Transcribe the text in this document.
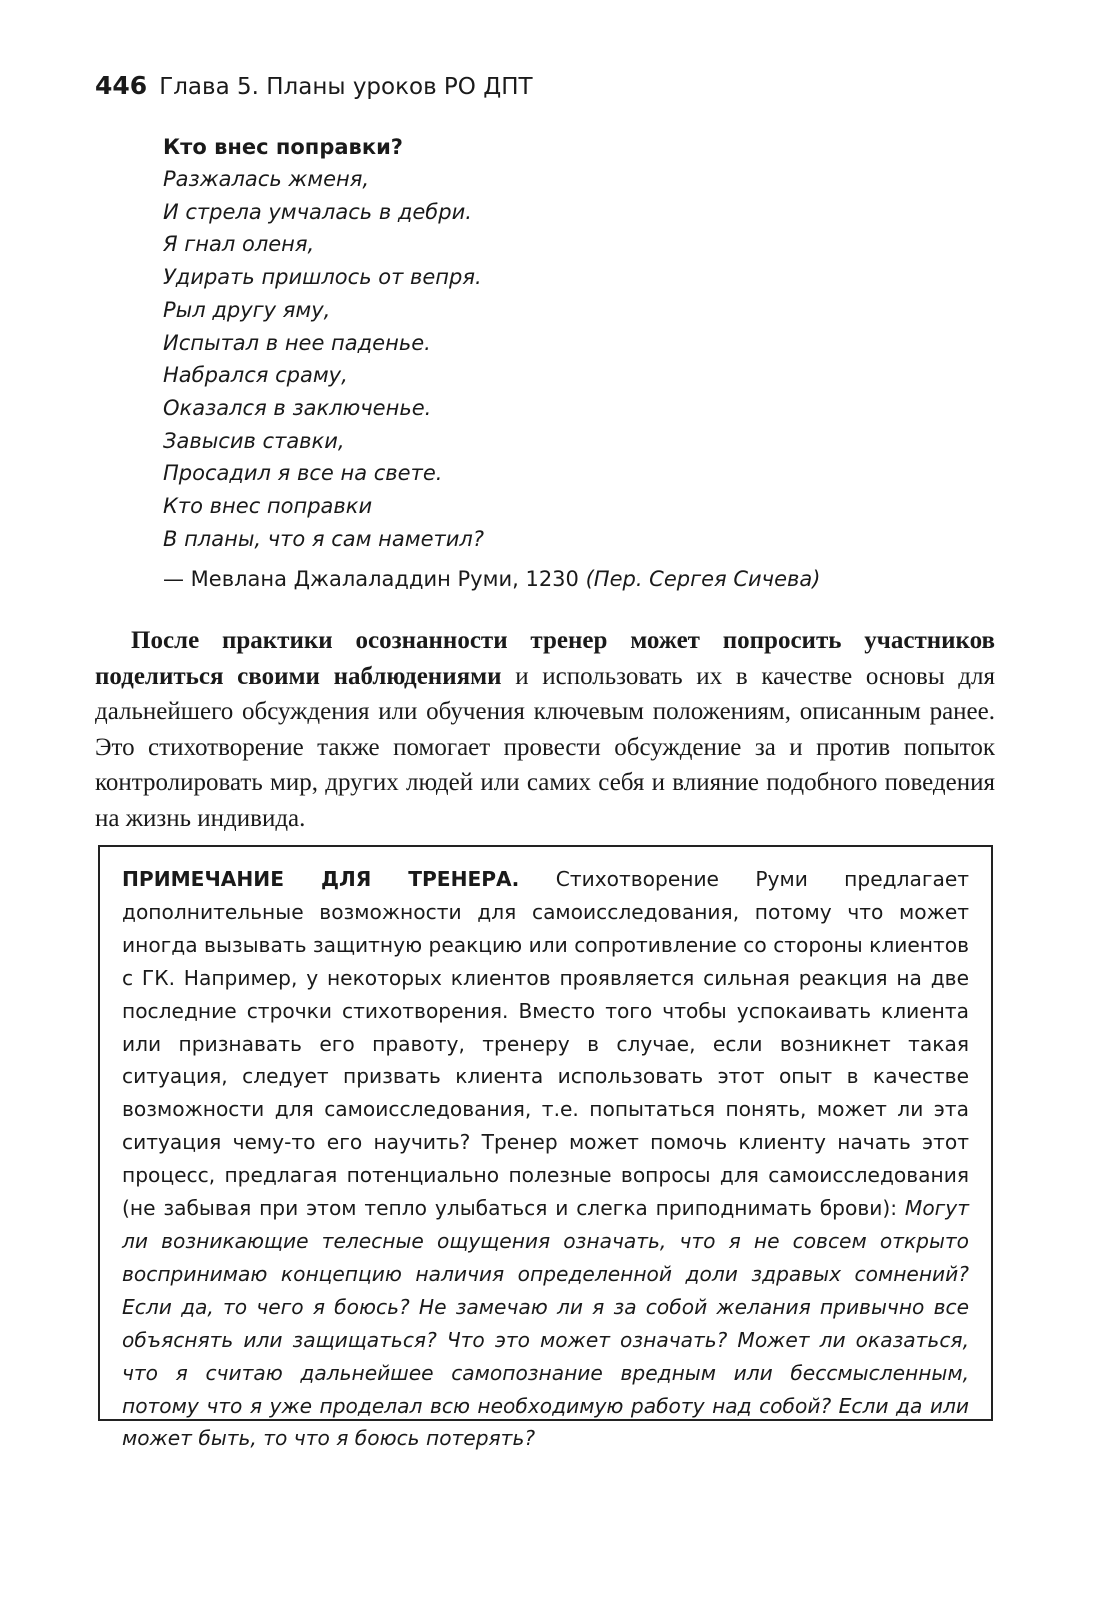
446 Глава 5. Планы уроков РО ДПТ

Кто внес поправки?

Разжалась жменя,
И стрела умчалась в дебри.
Я гнал оленя,
Удирать пришлось от вепря.
Рыл другу яму,
Испытал в нее паденье.
Набрался сраму,
Оказался в заключенье.
Завысив ставки,
Просадил я все на свете.
Кто внес поправки
В планы, что я сам наметил?
— Мевлана Джалаладдин Руми, 1230 (Пер. Сергея Сичева)

После практики осознанности тренер может попросить участников поделиться своими наблюдениями и использовать их в качестве основы для дальнейшего обсуждения или обучения ключевым положениям, описанным ранее. Это стихотворение также помогает провести обсуждение за и против попыток контролировать мир, других людей или самих себя и влияние подобного поведения на жизнь индивида.

ПРИМЕЧАНИЕ ДЛЯ ТРЕНЕРА. Стихотворение Руми предлагает дополнительные возможности для самоисследования, потому что может иногда вызывать защитную реакцию или сопротивление со стороны клиентов с ГК. Например, у некоторых клиентов проявляется сильная реакция на две последние строчки стихотворения. Вместо того чтобы успокаивать клиента или признавать его правоту, тренеру в случае, если возникнет такая ситуация, следует призвать клиента использовать этот опыт в качестве возможности для самоисследования, т.е. попытаться понять, может ли эта ситуация чему-то его научить? Тренер может помочь клиенту начать этот процесс, предлагая потенциально полезные вопросы для самоисследования (не забывая при этом тепло улыбаться и слегка приподнимать брови): Могут ли возникающие телесные ощущения означать, что я не совсем открыто воспринимаю концепцию наличия определенной доли здравых сомнений? Если да, то чего я боюсь? Не замечаю ли я за собой желания привычно все объяснять или защищаться? Что это может означать? Может ли оказаться, что я считаю дальнейшее самопознание вредным или бессмысленным, потому что я уже проделал всю необходимую работу над собой? Если да или может быть, то что я боюсь потерять?
